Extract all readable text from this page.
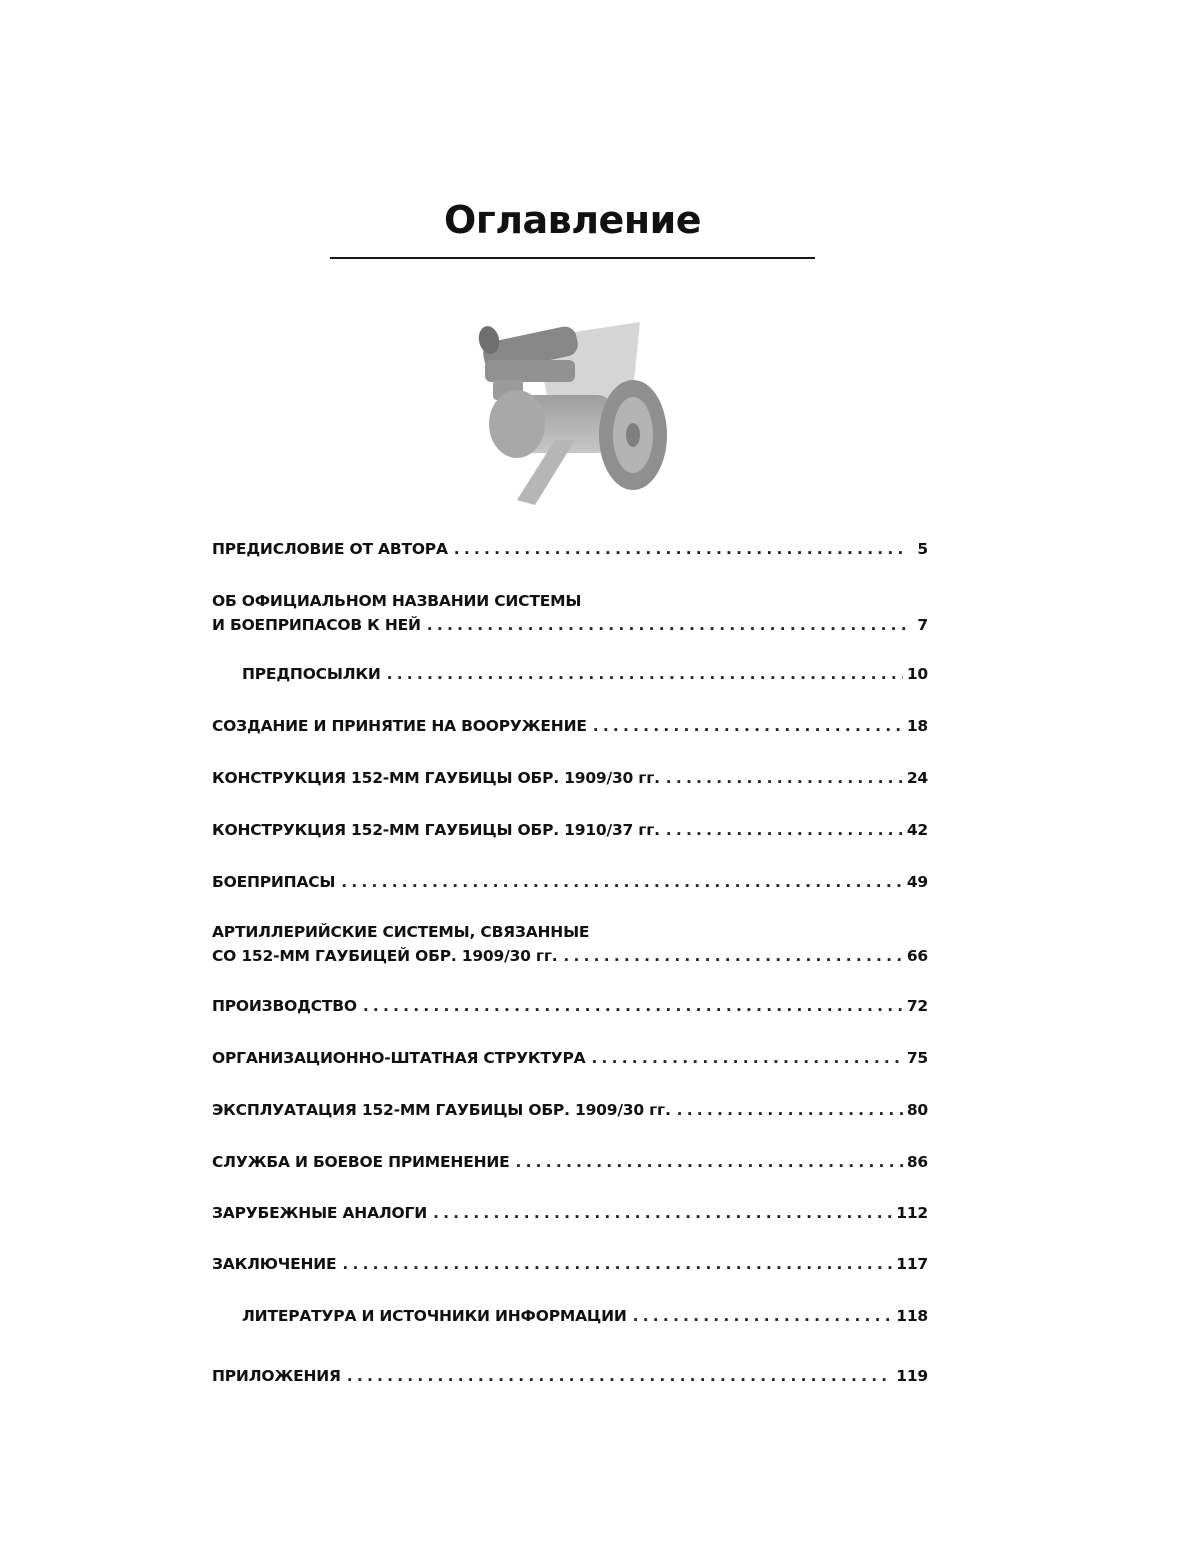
Оглавление
ПРЕДИСЛОВИЕ ОТ АВТОРА . . .	5
ОБ ОФИЦИАЛЬНОМ НАЗВАНИИ СИСТЕМЫ
И БОЕПРИПАСОВ К НЕЙ . . .	7
ПРЕДПОСЫЛКИ . . .	10
СОЗДАНИЕ И ПРИНЯТИЕ НА ВООРУЖЕНИЕ . . .	18
КОНСТРУКЦИЯ 152-ММ ГАУБИЦЫ ОБР. 1909/30 гг. . . .	24
КОНСТРУКЦИЯ 152-ММ ГАУБИЦЫ ОБР. 1910/37 гг. . . .	42
БОЕПРИПАСЫ . . .	49
АРТИЛЛЕРИЙСКИЕ СИСТЕМЫ, СВЯЗАННЫЕ
СО 152-ММ ГАУБИЦЕЙ ОБР. 1909/30 гг. . . .	66
ПРОИЗВОДСТВО . . .	72
ОРГАНИЗАЦИОННО-ШТАТНАЯ СТРУКТУРА . . .	75
ЭКСПЛУАТАЦИЯ 152-ММ ГАУБИЦЫ ОБР. 1909/30 гг. . . .	80
СЛУЖБА И БОЕВОЕ ПРИМЕНЕНИЕ . . .	86
ЗАРУБЕЖНЫЕ АНАЛОГИ . . .	112
ЗАКЛЮЧЕНИЕ . . .	117
ЛИТЕРАТУРА И ИСТОЧНИКИ ИНФОРМАЦИИ . . .	118
ПРИЛОЖЕНИЯ . . .	119
